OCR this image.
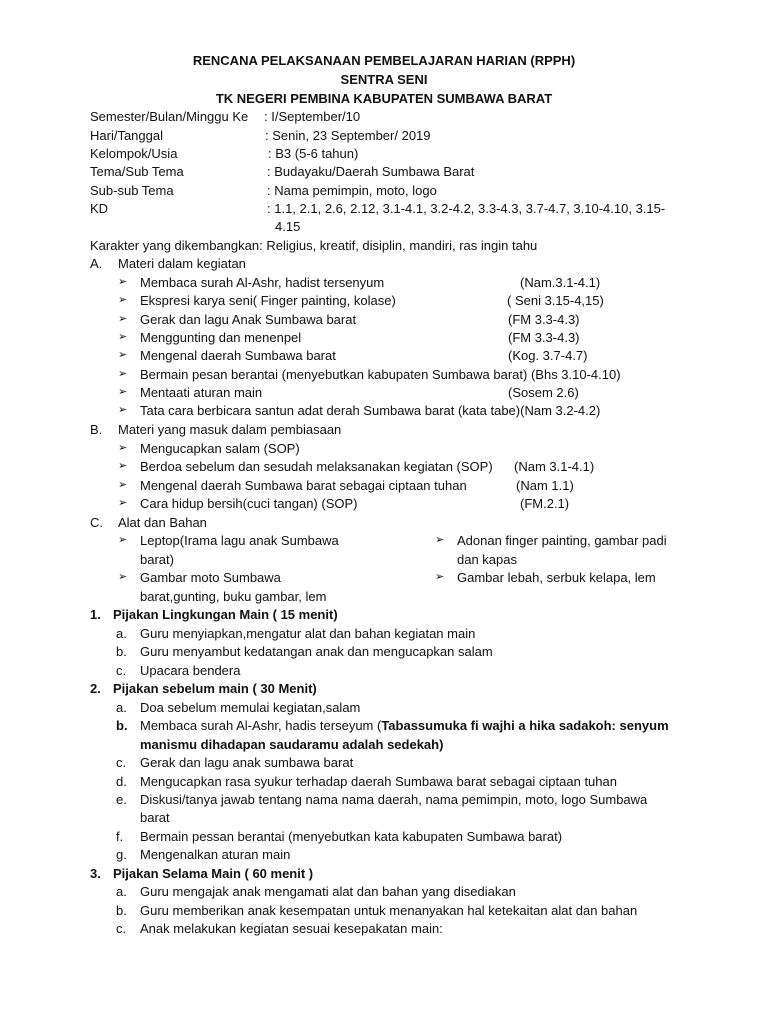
RENCANA PELAKSANAAN PEMBELAJARAN HARIAN (RPPH)
SENTRA SENI
TK NEGERI PEMBINA KABUPATEN SUMBAWA BARAT
Semester/Bulan/Minggu Ke : I/September/10
Hari/Tanggal	: Senin, 23 September/ 2019
Kelompok/Usia	: B3 (5-6 tahun)
Tema/Sub Tema	: Budayaku/Daerah Sumbawa Barat
Sub-sub Tema	: Nama pemimpin, moto, logo
KD	: 1.1, 2.1, 2.6, 2.12, 3.1-4.1, 3.2-4.2, 3.3-4.3, 3.7-4.7, 3.10-4.10, 3.15-
4.15
Karakter yang dikembangkan: Religius, kreatif, disiplin, mandiri, ras ingin tahu
A. Materi dalam kegiatan
➢ Membaca surah Al-Ashr, hadist tersenyum	(Nam.3.1-4.1)
➢ Ekspresi karya seni( Finger painting, kolase)	( Seni 3.15-4,15)
➢ Gerak dan lagu Anak Sumbawa barat	(FM 3.3-4.3)
➢ Menggunting dan menenpel	(FM 3.3-4.3)
➢ Mengenal daerah Sumbawa barat	(Kog. 3.7-4.7)
➢ Bermain pesan berantai (menyebutkan kabupaten Sumbawa barat) (Bhs 3.10-4.10)
➢ Mentaati aturan main	(Sosem 2.6)
➢ Tata cara berbicara santun adat derah Sumbawa barat (kata tabe)(Nam 3.2-4.2)
B. Materi yang masuk dalam pembiasaan
➢ Mengucapkan salam (SOP)
➢ Berdoa sebelum dan sesudah melaksanakan kegiatan (SOP) (Nam 3.1-4.1)
➢ Mengenal daerah Sumbawa barat sebagai ciptaan tuhan	(Nam 1.1)
➢ Cara hidup bersih(cuci tangan) (SOP)	(FM.2.1)
C. Alat dan Bahan
➢ Leptop(Irama lagu anak Sumbawa	➢ Adonan finger painting, gambar padi
barat)	dan kapas
➢ Gambar moto Sumbawa	➢ Gambar lebah, serbuk kelapa, lem
barat,gunting, buku gambar, lem
1. Pijakan Lingkungan Main ( 15 menit)
a. Guru menyiapkan,mengatur alat dan bahan kegiatan main
b. Guru menyambut kedatangan anak dan mengucapkan salam
c. Upacara bendera
2. Pijakan sebelum main ( 30 Menit)
a. Doa sebelum memulai kegiatan,salam
b. Membaca surah Al-Ashr, hadis terseyum (Tabassumuka fi wajhi a hika sadakoh: senyum
manismu dihadapan saudaramu adalah sedekah)
c. Gerak dan lagu anak sumbawa barat
d. Mengucapkan rasa syukur terhadap daerah Sumbawa barat sebagai ciptaan tuhan
e. Diskusi/tanya jawab tentang nama nama daerah, nama pemimpin, moto, logo Sumbawa
barat
f. Bermain pessan berantai (menyebutkan kata kabupaten Sumbawa barat)
g. Mengenalkan aturan main
3. Pijakan Selama Main ( 60 menit )
a. Guru mengajak anak mengamati alat dan bahan yang disediakan
b. Guru memberikan anak kesempatan untuk menanyakan hal ketekaitan alat dan bahan
c. Anak melakukan kegiatan sesuai kesepakatan main:
